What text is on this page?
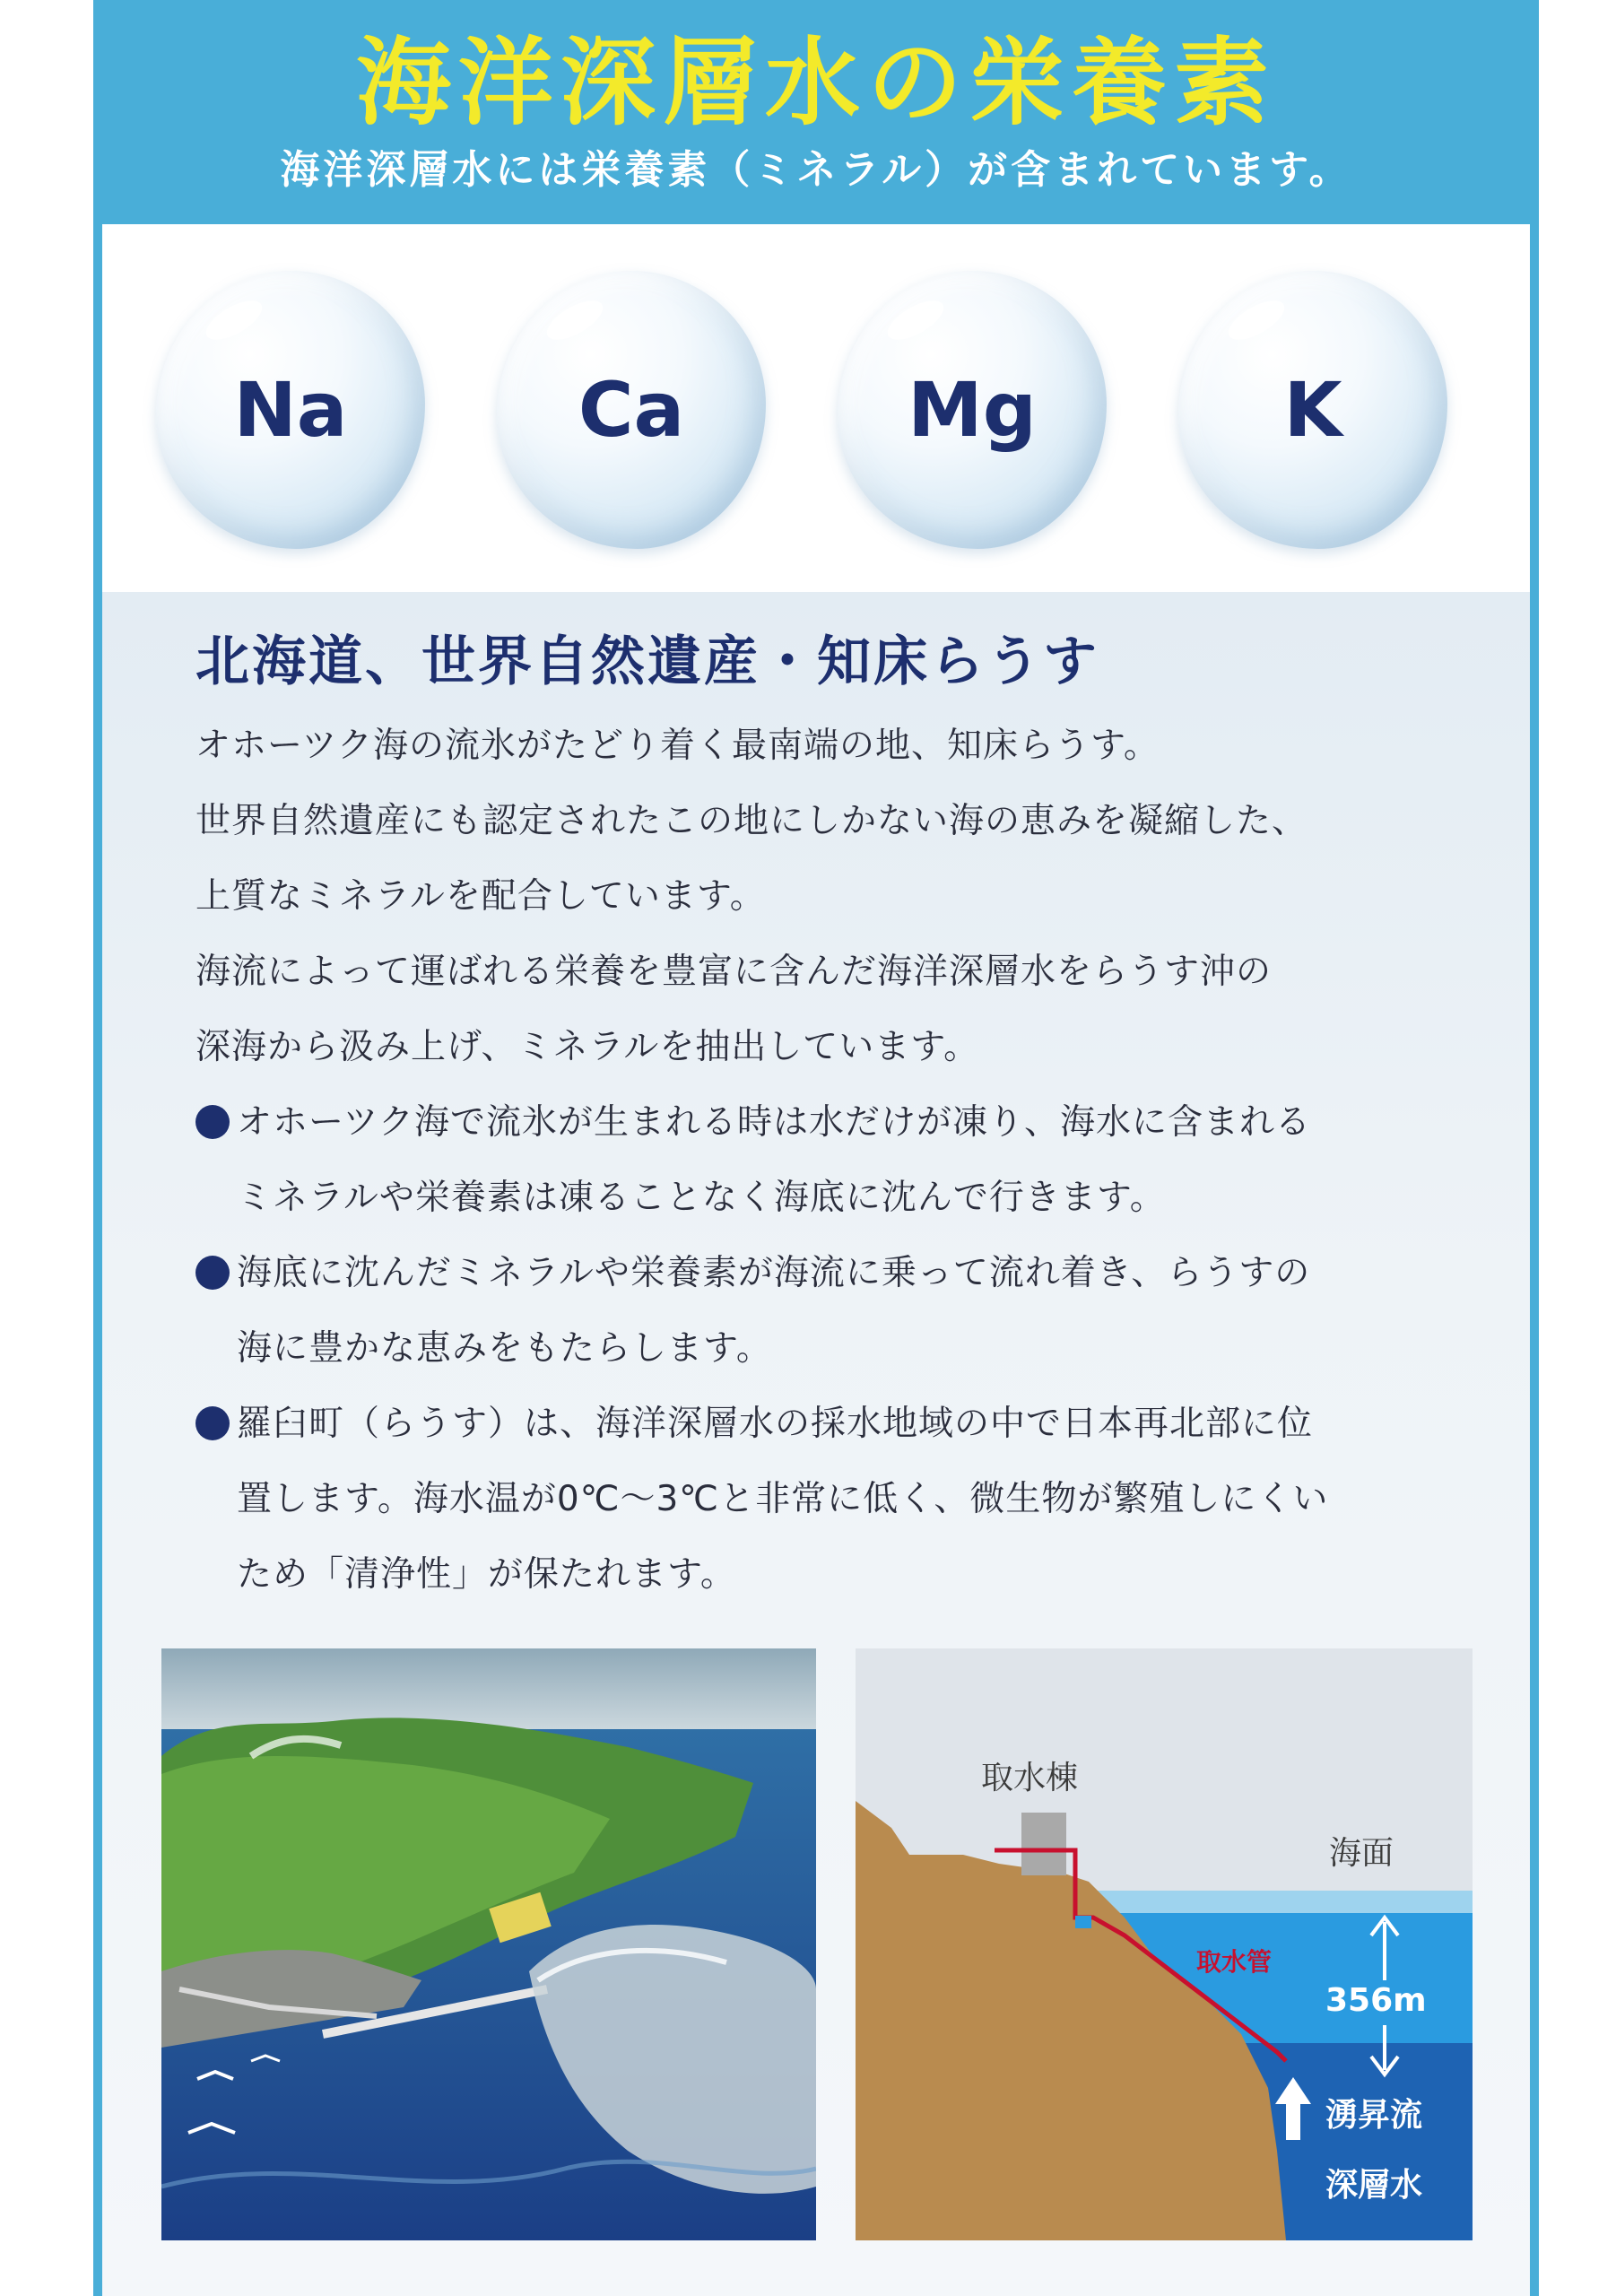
海洋深層水の栄養素
海洋深層水には栄養素（ミネラル）が含まれています。
Na	Ca	Mg	K
北海道、世界自然遺産・知床らうす

オホーツク海の流氷がたどり着く最南端の地、知床らうす。

世界自然遺産にも認定されたこの地にしかない海の恵みを凝縮した、

上質なミネラルを配合しています。

海流によって運ばれる栄養を豊富に含んだ海洋深層水をらうす沖の

深海から汲み上げ、ミネラルを抽出しています。

オホーツク海で流氷が生まれる時は水だけが凍り、海水に含まれる

ミネラルや栄養素は凍ることなく海底に沈んで行きます。

海底に沈んだミネラルや栄養素が海流に乗って流れ着き、らうすの

海に豊かな恵みをもたらします。

羅臼町（らうす）は、海洋深層水の採水地域の中で日本再北部に位

置します。海水温が0℃～3℃と非常に低く、微生物が繁殖しにくい

ため「清浄性」が保たれます。

取水棟
海面
取水管
356m
湧昇流
深層水
